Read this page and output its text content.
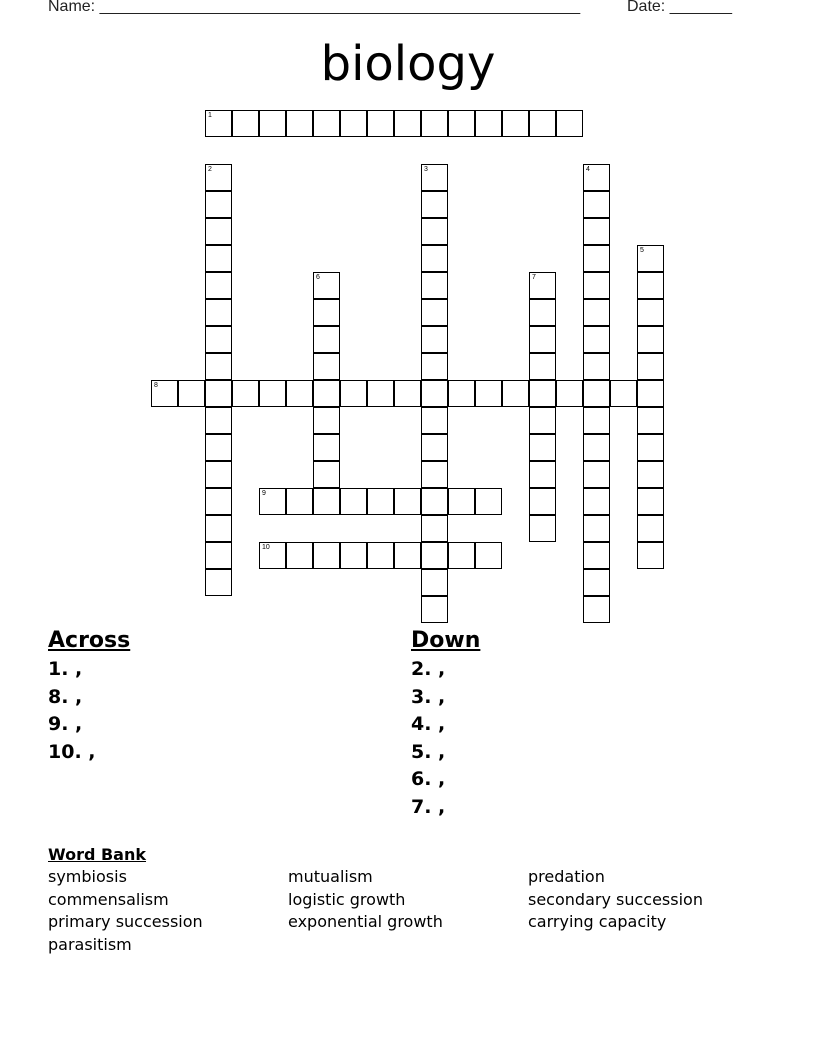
Name: ______________________________________________________	Date: _______
biology
1
2	3	4
5
6	7
8
9
10
Across
1. ,
8. ,
9. ,
10. ,
Down
2. ,
3. ,
4. ,
5. ,
6. ,
7. ,
Word Bank
symbiosis	mutualism	predation
commensalism	logistic growth	secondary succession
primary succession	exponential growth	carrying capacity
parasitism
